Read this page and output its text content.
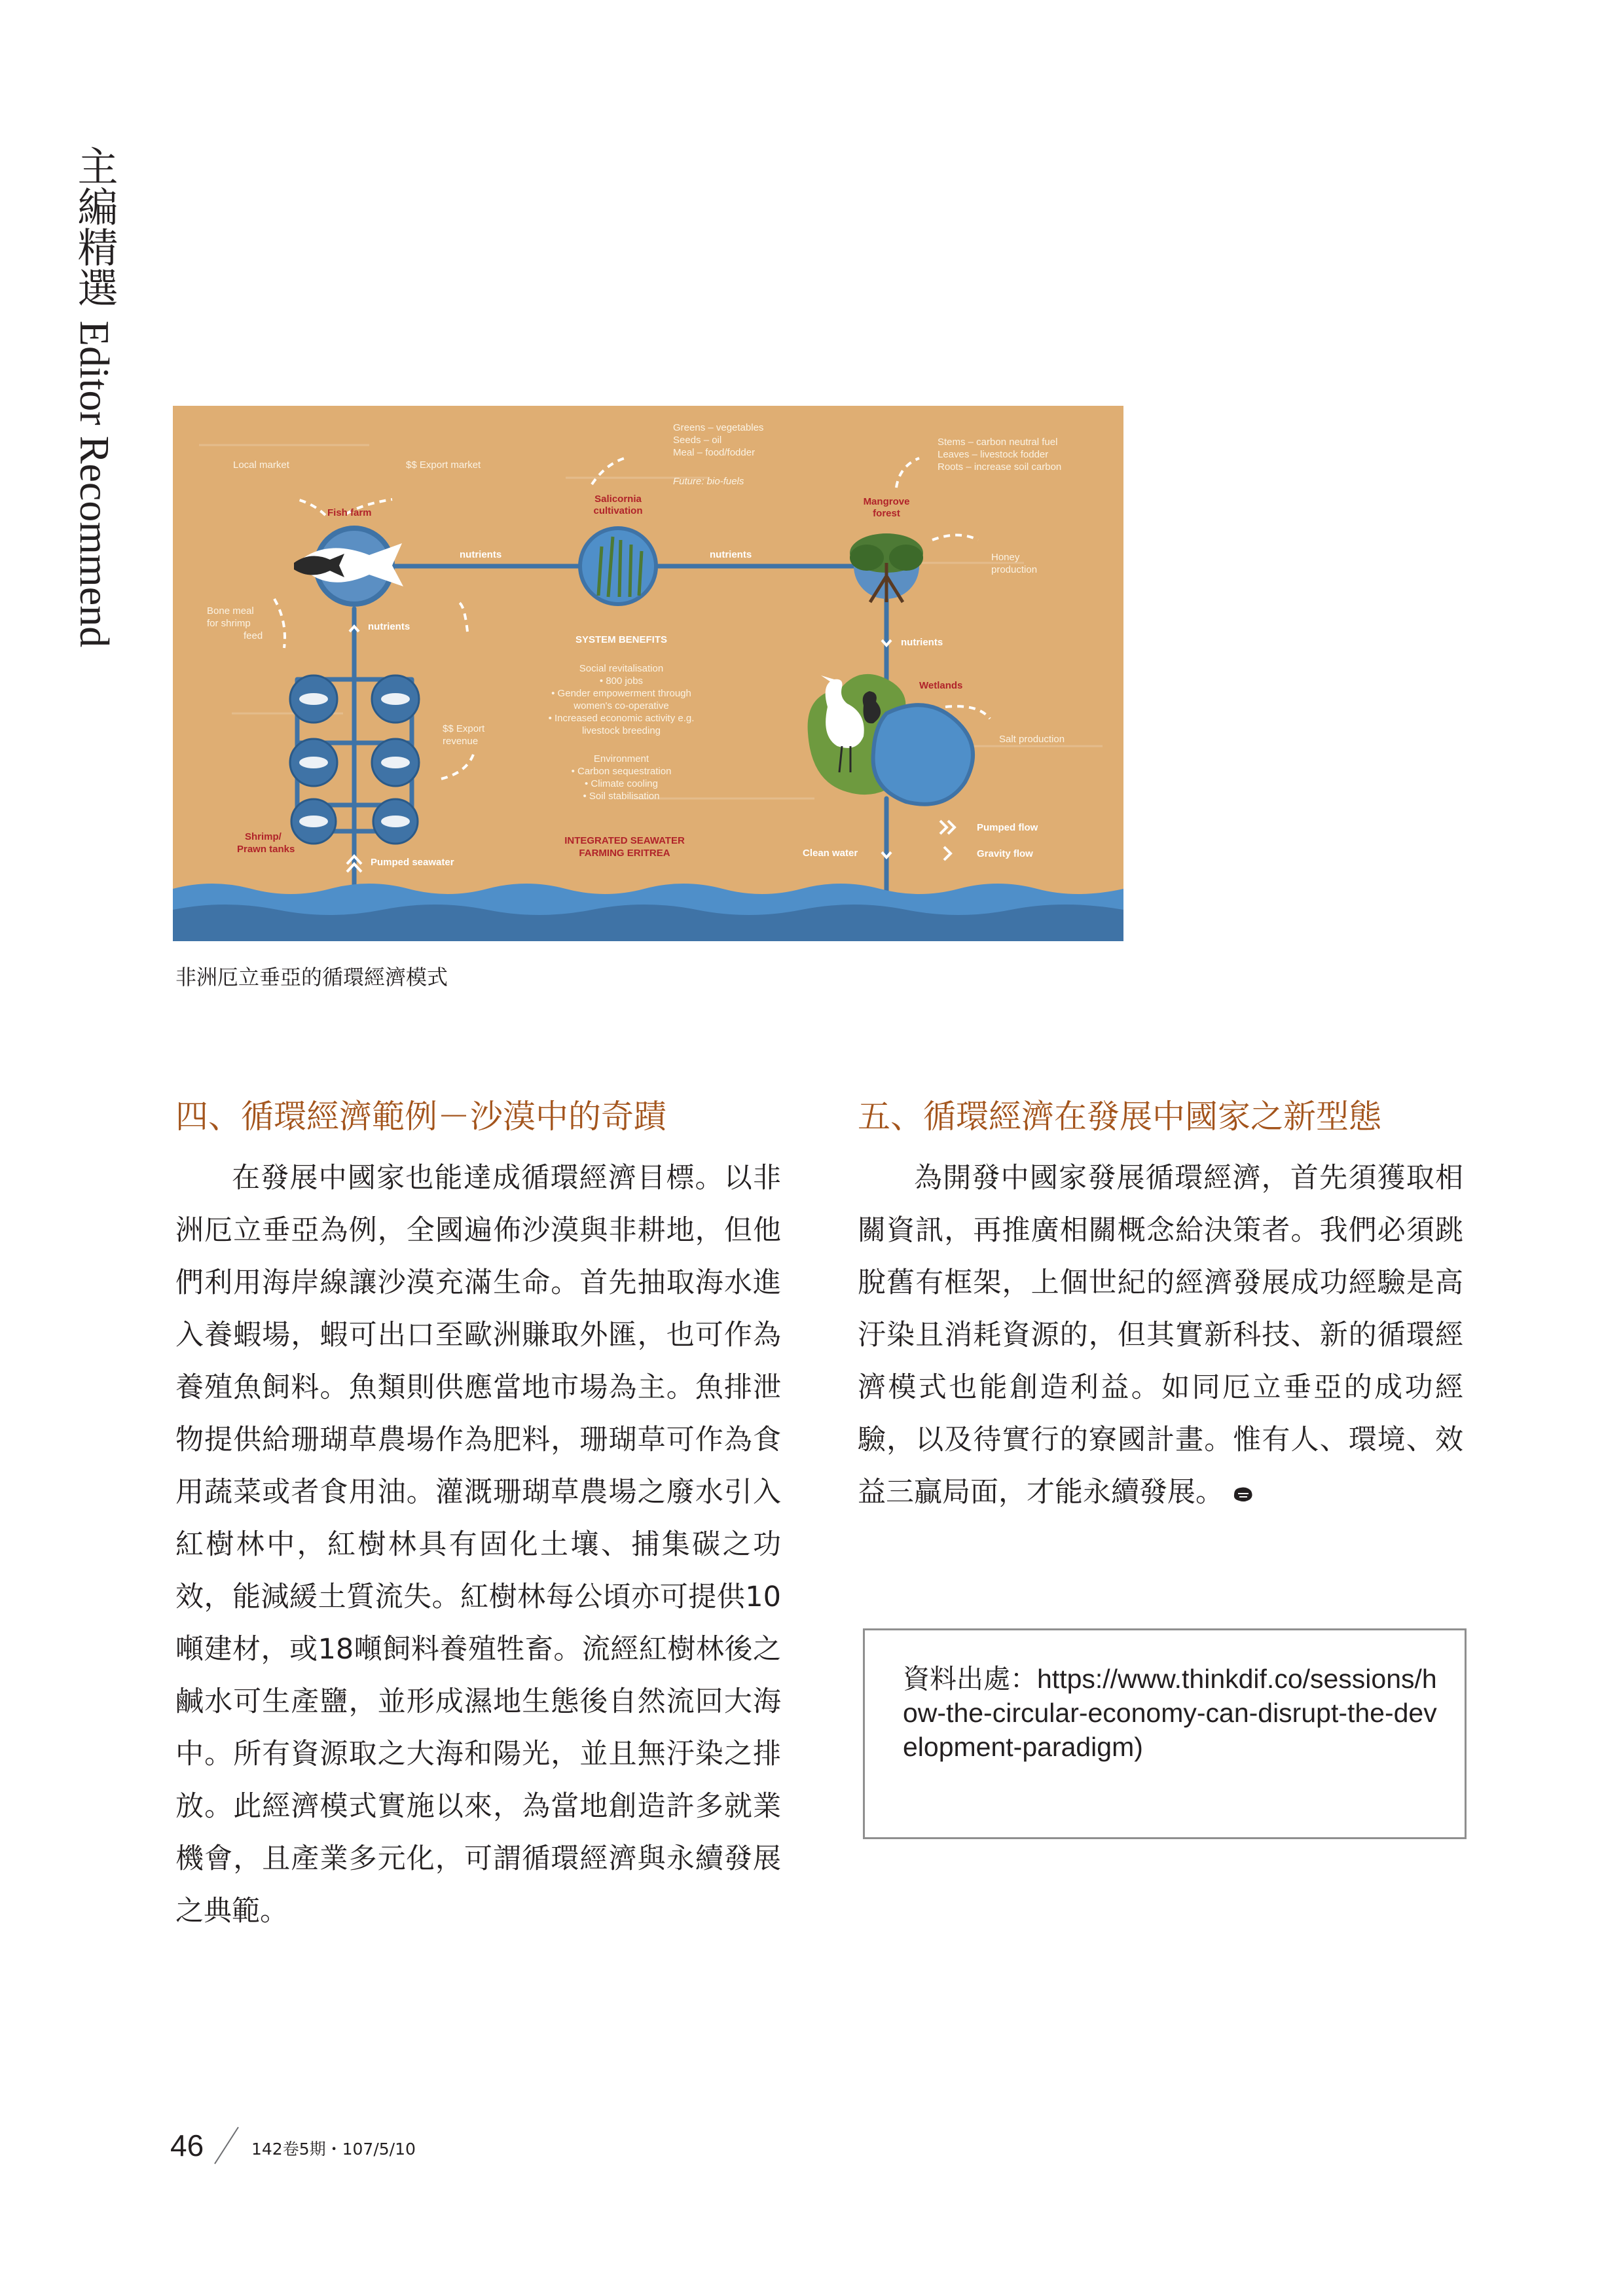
主編精選 Editor Recommend	Local market	$$ Export market
Fish farm
Greens – vegetables
Seeds – oil
Meal – food/fodder
Future: bio-fuels
Salicornia
cultivation
Mangrove
forest
Stems – carbon neutral fuel
Leaves – livestock fodder
Roots – increase soil carbon
nutrients	nutrients
nutrients
nutrients
Honey
production
Bone meal
for shrimp
feed	SYSTEM BENEFITS
Social revitalisation
• 800 jobs
• Gender empowerment through
women's co-operative
• Increased economic activity e.g.
livestock breeding
Environment
• Carbon sequestration
• Climate cooling
• Soil stabilisation
Wetlands
Salt production
$$ Export
revenue
Shrimp/
Prawn tanks
Pumped seawater
INTEGRATED SEAWATER
FARMING ERITREA	Clean water
Pumped flow
Gravity flow
非洲厄立垂亞的循環經濟模式
四、循環經濟範例－沙漠中的奇蹟

在發展中國家也能達成循環經濟目標。以非洲厄立垂亞為例，全國遍佈沙漠與非耕地，但他們利用海岸線讓沙漠充滿生命。首先抽取海水進入養蝦場，蝦可出口至歐洲賺取外匯，也可作為養殖魚飼料。魚類則供應當地市場為主。魚排泄物提供給珊瑚草農場作為肥料，珊瑚草可作為食用蔬菜或者食用油。灌溉珊瑚草農場之廢水引入紅樹林中，紅樹林具有固化土壤、捕集碳之功效，能減緩土質流失。紅樹林每公頃亦可提供10噸建材，或18噸飼料養殖牲畜。流經紅樹林後之鹹水可生產鹽，並形成濕地生態後自然流回大海中。所有資源取之大海和陽光，並且無汙染之排放。此經濟模式實施以來，為當地創造許多就業機會，且產業多元化，可謂循環經濟與永續發展之典範。

五、循環經濟在發展中國家之新型態

為開發中國家發展循環經濟，首先須獲取相關資訊，再推廣相關概念給決策者。我們必須跳脫舊有框架，上個世紀的經濟發展成功經驗是高汙染且消耗資源的，但其實新科技、新的循環經濟模式也能創造利益。如同厄立垂亞的成功經驗，以及待實行的寮國計畫。惟有人、環境、效益三贏局面，才能永續發展。

資料出處：https://www.thinkdif.co/sessions/how-the-circular-economy-can-disrupt-the-development-paradigm)
46	142卷5期・107/5/10
